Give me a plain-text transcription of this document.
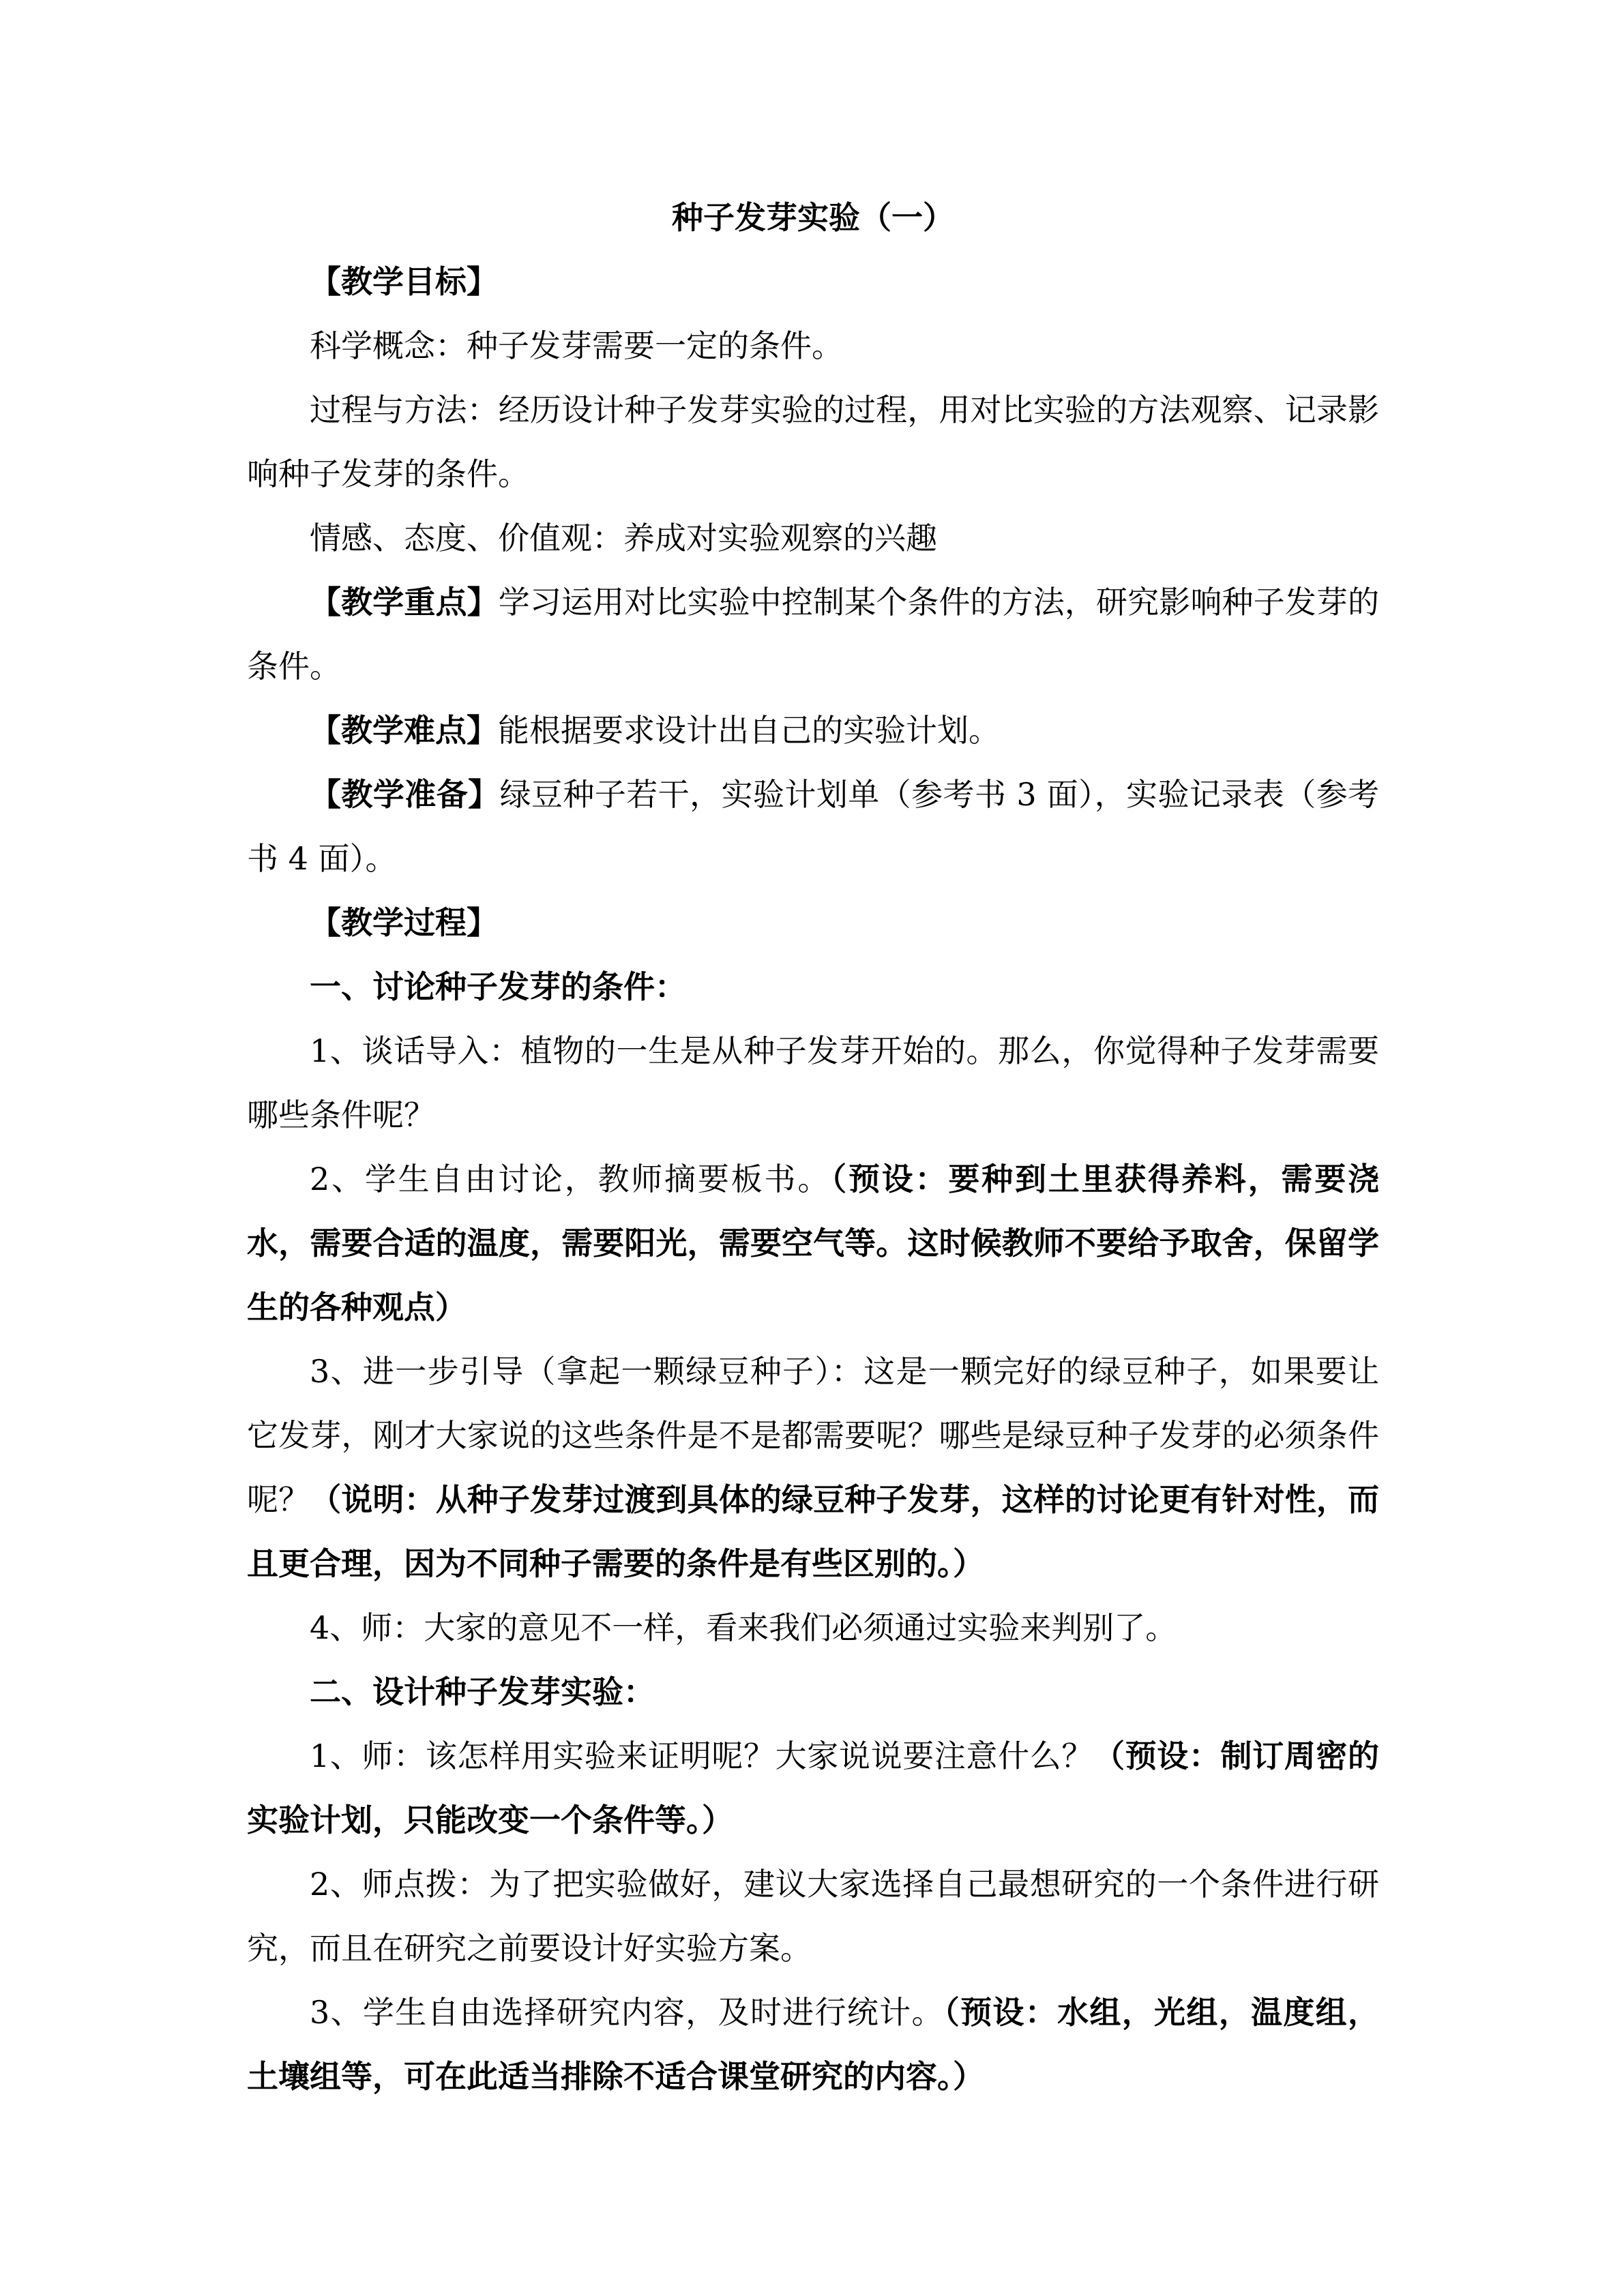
种子发芽实验（一）

【教学目标】

科学概念：种子发芽需要一定的条件。

过程与方法：经历设计种子发芽实验的过程，用对比实验的方法观察、记录影响种子发芽的条件。

情感、态度、价值观：养成对实验观察的兴趣

【教学重点】学习运用对比实验中控制某个条件的方法，研究影响种子发芽的条件。

【教学难点】能根据要求设计出自己的实验计划。

【教学准备】绿豆种子若干，实验计划单（参考书 3 面），实验记录表（参考书 4 面）。

【教学过程】

一、讨论种子发芽的条件：

1、谈话导入：植物的一生是从种子发芽开始的。那么，你觉得种子发芽需要哪些条件呢？

2、学生自由讨论，教师摘要板书。（预设：要种到土里获得养料，需要浇水，需要合适的温度，需要阳光，需要空气等。这时候教师不要给予取舍，保留学生的各种观点）

3、进一步引导（拿起一颗绿豆种子）：这是一颗完好的绿豆种子，如果要让它发芽，刚才大家说的这些条件是不是都需要呢？哪些是绿豆种子发芽的必须条件呢？（说明：从种子发芽过渡到具体的绿豆种子发芽，这样的讨论更有针对性，而且更合理，因为不同种子需要的条件是有些区别的。）

4、师：大家的意见不一样，看来我们必须通过实验来判别了。

二、设计种子发芽实验：

1、师：该怎样用实验来证明呢？大家说说要注意什么？（预设：制订周密的实验计划，只能改变一个条件等。）

2、师点拨：为了把实验做好，建议大家选择自己最想研究的一个条件进行研究，而且在研究之前要设计好实验方案。

3、学生自由选择研究内容，及时进行统计。（预设：水组，光组，温度组，土壤组等，可在此适当排除不适合课堂研究的内容。）
